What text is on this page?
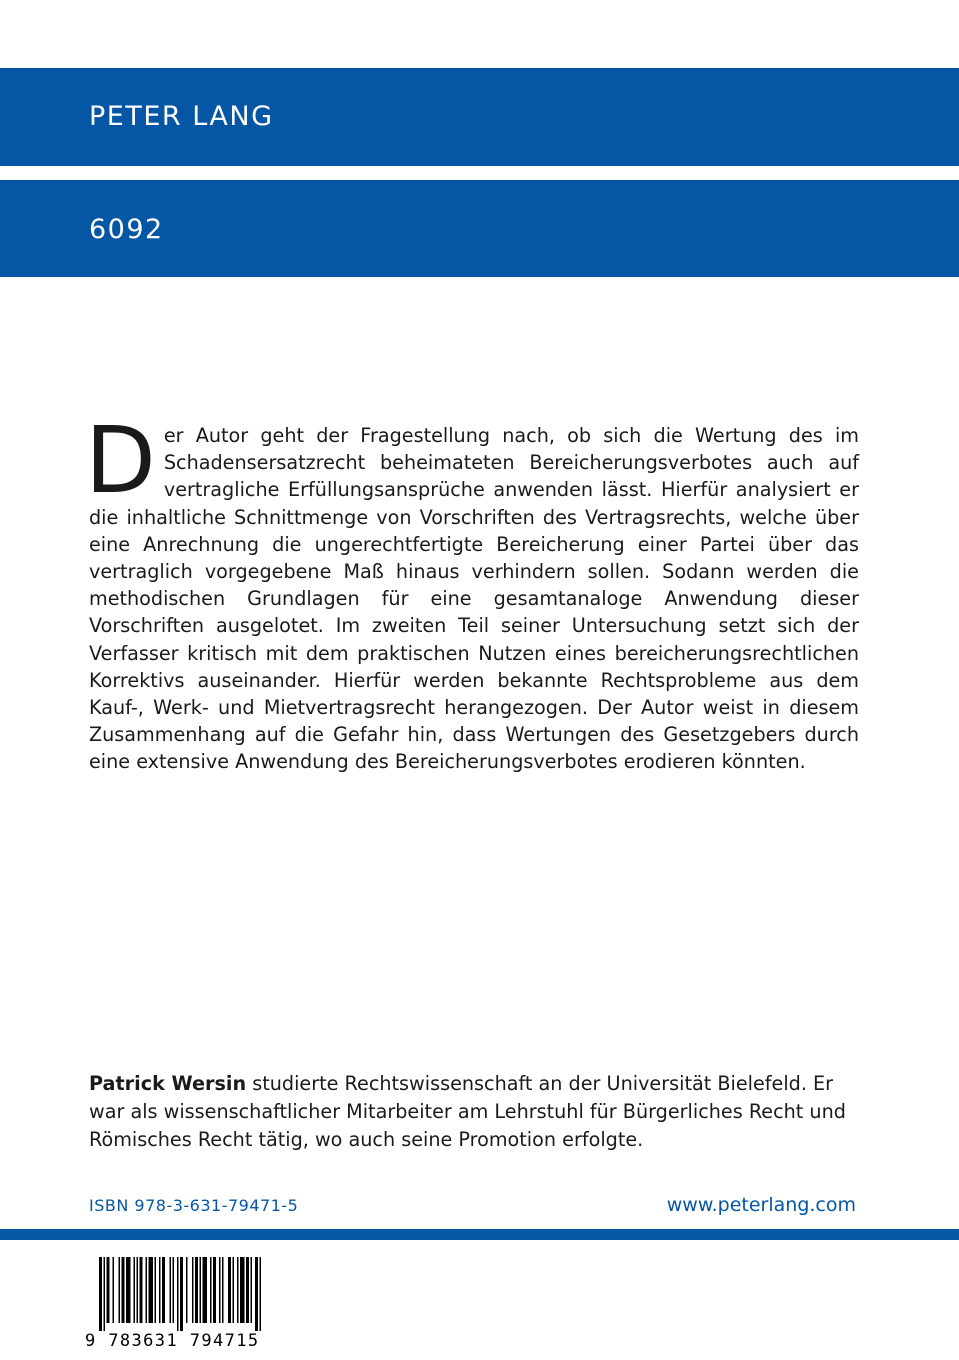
PETER LANG
6092
Der Autor geht der Fragestellung nach, ob sich die Wertung des im Schadensersatzrecht beheimateten Bereicherungsverbotes auch auf vertragliche Erfüllungsansprüche anwenden lässt. Hierfür analysiert er die inhaltliche Schnittmenge von Vorschriften des Vertragsrechts, welche über eine Anrechnung die ungerechtfertigte Bereicherung einer Partei über das vertraglich vorgegebene Maß hinaus verhindern sollen. Sodann werden die methodischen Grundlagen für eine gesamtanaloge Anwendung dieser Vorschriften ausgelotet. Im zweiten Teil seiner Untersuchung setzt sich der Verfasser kritisch mit dem praktischen Nutzen eines bereicherungsrechtlichen Korrektivs auseinander. Hierfür werden bekannte Rechtsprobleme aus dem Kauf-, Werk- und Mietvertragsrecht herangezogen. Der Autor weist in diesem Zusammenhang auf die Gefahr hin, dass Wertungen des Gesetzgebers durch eine extensive Anwendung des Bereicherungsverbotes erodieren könnten.
Patrick Wersin studierte Rechtswissenschaft an der Universität Bielefeld. Er war als wissenschaftlicher Mitarbeiter am Lehrstuhl für Bürgerliches Recht und Römisches Recht tätig, wo auch seine Promotion erfolgte.
ISBN 978-3-631-79471-5	www.peterlang.com
9 783631 794715
